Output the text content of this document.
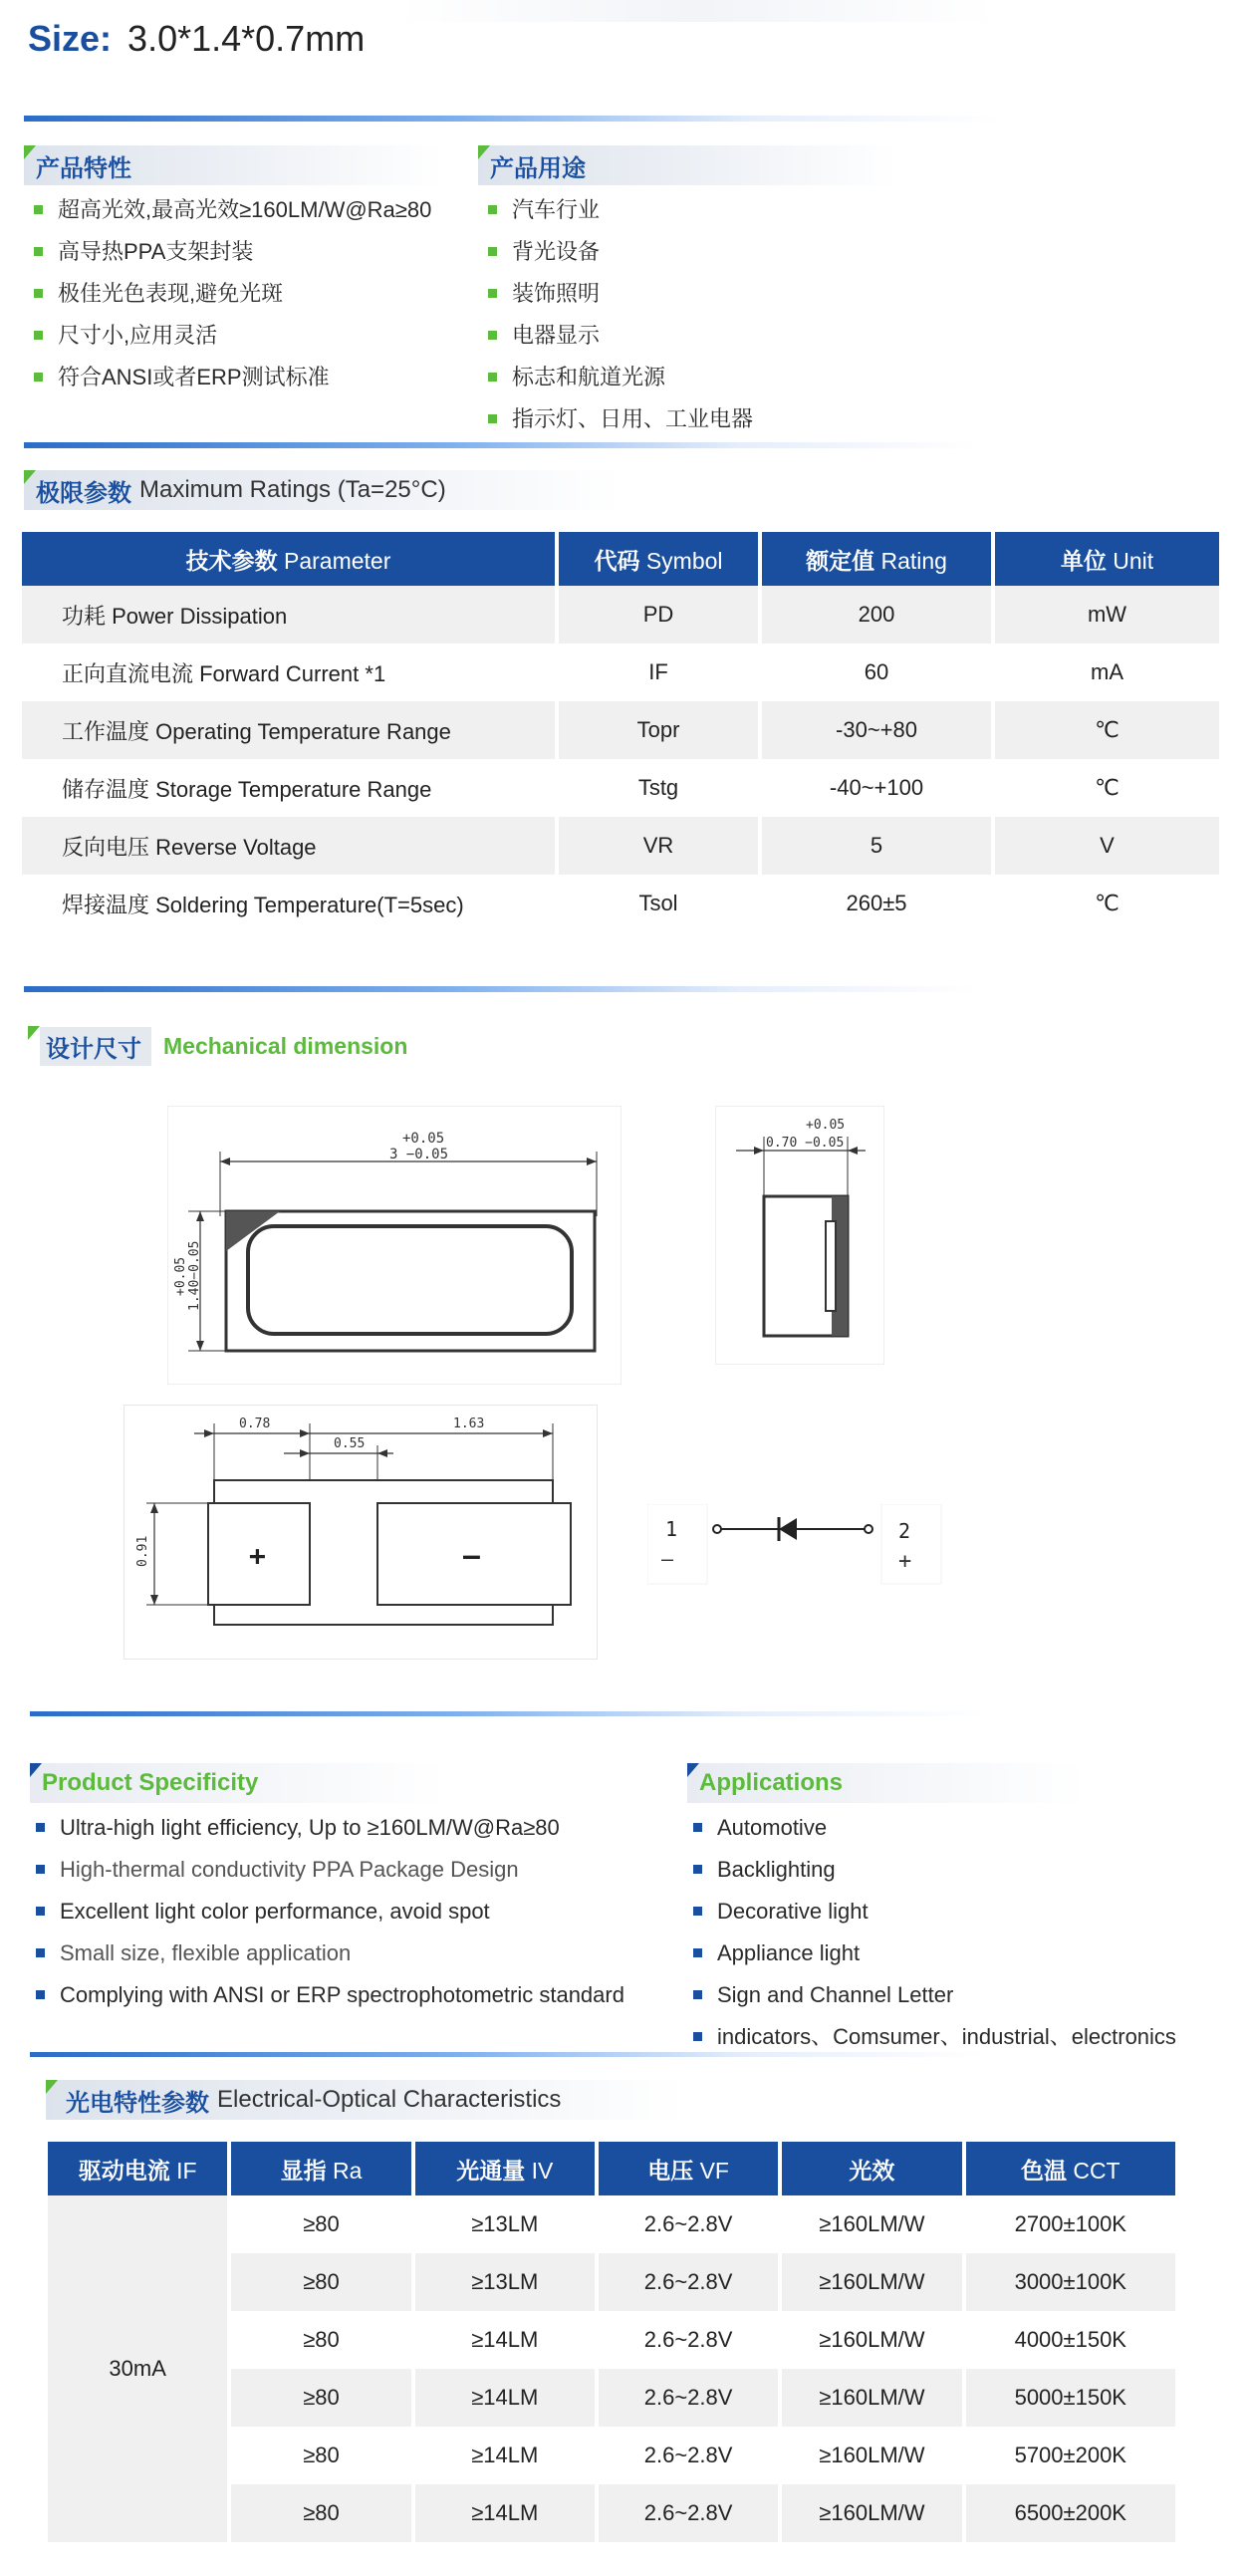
Size: 3.0*1.4*0.7mm
产品特性
超高光效,最高光效≥160LM/W@Ra≥80
高导热PPA支架封装
极佳光色表现,避免光斑
尺寸小,应用灵活
符合ANSI或者ERP测试标准
产品用途
汽车行业
背光设备
装饰照明
电器显示
标志和航道光源
指示灯、日用、工业电器
极限参数 Maximum Ratings (Ta=25°C)
技术参数 Parameter	代码 Symbol	额定值 Rating	单位 Unit
功耗 Power Dissipation	PD	200	mW
正向直流电流 Forward Current *1	IF	60	mA
工作温度 Operating Temperature Range	Topr	-30~+80	℃
储存温度 Storage Temperature Range	Tstg	-40~+100	℃
反向电压 Reverse Voltage	VR	5	V
焊接温度 Soldering Temperature(T=5sec)	Tsol	260±5	℃
设计尺寸 Mechanical dimension
+0.05
3 −0.05
+0.05 1.40−0.05
+0.05
0.70 −0.05
0.78
0.55
1.63
0.91	+	—
1
—
2
+
Product Specificity
Ultra-high light efficiency, Up to ≥160LM/W@Ra≥80
High-thermal conductivity PPA Package Design
Excellent light color performance, avoid spot
Small size, flexible application
Complying with ANSI or ERP spectrophotometric standard
Applications
Automotive
Backlighting
Decorative light
Appliance light
Sign and Channel Letter
indicators、Comsumer、industrial、electronics
光电特性参数 Electrical-Optical Characteristics
驱动电流 IF	显指 Ra	光通量 IV	电压 VF	光效	色温 CCT
30mA	≥80	≥13LM	2.6~2.8V	≥160LM/W	2700±100K
	≥80	≥13LM	2.6~2.8V	≥160LM/W	3000±100K
	≥80	≥14LM	2.6~2.8V	≥160LM/W	4000±150K
	≥80	≥14LM	2.6~2.8V	≥160LM/W	5000±150K
	≥80	≥14LM	2.6~2.8V	≥160LM/W	5700±200K
	≥80	≥14LM	2.6~2.8V	≥160LM/W	6500±200K
